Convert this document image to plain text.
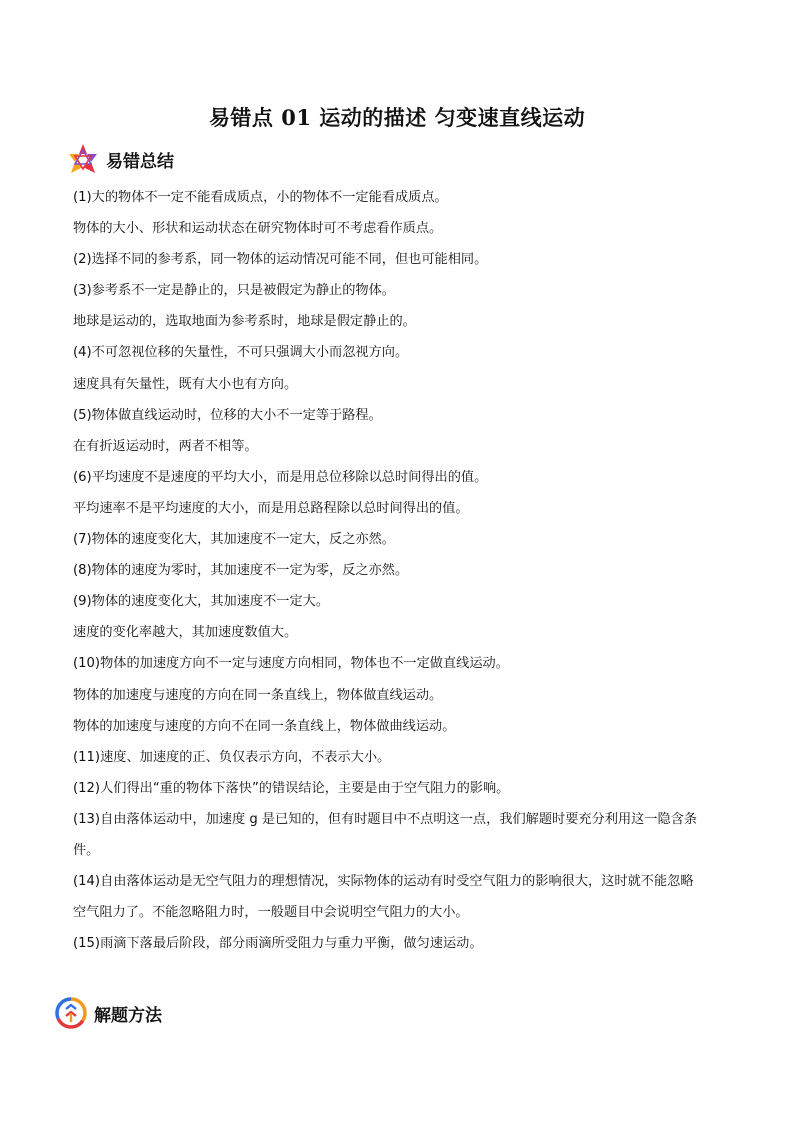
易错点 01 运动的描述 匀变速直线运动
易错总结
(1)大的物体不一定不能看成质点，小的物体不一定能看成质点。
物体的大小、形状和运动状态在研究物体时可不考虑看作质点。
(2)选择不同的参考系，同一物体的运动情况可能不同，但也可能相同。
(3)参考系不一定是静止的，只是被假定为静止的物体。
地球是运动的，选取地面为参考系时，地球是假定静止的。
(4)不可忽视位移的矢量性，不可只强调大小而忽视方向。
速度具有矢量性，既有大小也有方向。
(5)物体做直线运动时，位移的大小不一定等于路程。
在有折返运动时，两者不相等。
(6)平均速度不是速度的平均大小，而是用总位移除以总时间得出的值。
平均速率不是平均速度的大小，而是用总路程除以总时间得出的值。
(7)物体的速度变化大，其加速度不一定大，反之亦然。
(8)物体的速度为零时，其加速度不一定为零，反之亦然。
(9)物体的速度变化大，其加速度不一定大。
速度的变化率越大，其加速度数值大。
(10)物体的加速度方向不一定与速度方向相同，物体也不一定做直线运动。
物体的加速度与速度的方向在同一条直线上，物体做直线运动。
物体的加速度与速度的方向不在同一条直线上，物体做曲线运动。
(11)速度、加速度的正、负仅表示方向，不表示大小。
(12)人们得出“重的物体下落快”的错误结论，主要是由于空气阻力的影响。
(13)自由落体运动中，加速度 g 是已知的，但有时题目中不点明这一点，我们解题时要充分利用这一隐含条
件。
(14)自由落体运动是无空气阻力的理想情况，实际物体的运动有时受空气阻力的影响很大，这时就不能忽略
空气阻力了。不能忽略阻力时，一般题目中会说明空气阻力的大小。
(15)雨滴下落最后阶段，部分雨滴所受阻力与重力平衡，做匀速运动。
解题方法
